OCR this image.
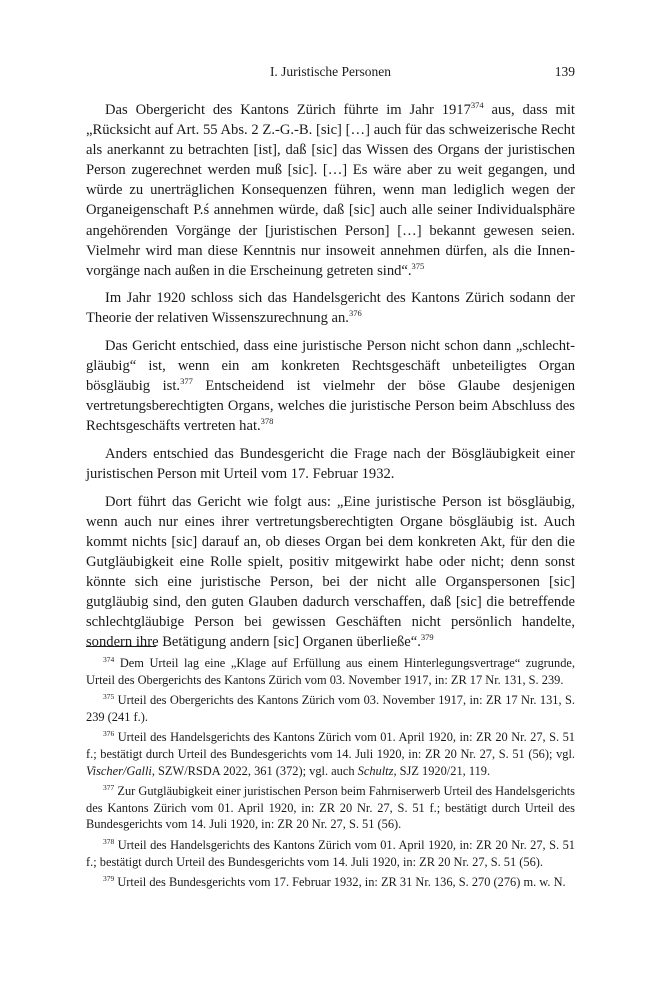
I. Juristische Personen	139

Das Obergericht des Kantons Zürich führte im Jahr 1917$^{374}$ aus, dass mit „Rücksicht auf Art. 55 Abs. 2 Z.-G.-B. [sic] […] auch für das schweizerische Recht als anerkannt zu betrachten [ist], daß [sic] das Wissen des Organs der juristischen Person zugerechnet werden muß [sic]. […] Es wäre aber zu weit gegangen, und würde zu unerträglichen Konsequenzen führen, wenn man lediglich wegen der Organeigenschaft P.ś annehmen würde, daß [sic] auch alle seiner Individualsphäre angehörenden Vorgänge der [juristischen Person] […] bekannt gewesen seien. Vielmehr wird man diese Kenntnis nur insoweit annehmen dürfen, als die Innenvorgänge nach außen in die Erscheinung getreten sind“.$^{375}$

Im Jahr 1920 schloss sich das Handelsgericht des Kantons Zürich sodann der Theorie der relativen Wissenszurechnung an.$^{376}$

Das Gericht entschied, dass eine juristische Person nicht schon dann „schlechtgläubig“ ist, wenn ein am konkreten Rechtsgeschäft unbeteiligtes Organ bösgläubig ist.$^{377}$ Entscheidend ist vielmehr der böse Glaube desjenigen vertretungsberechtigten Organs, welches die juristische Person beim Abschluss des Rechtsgeschäfts vertreten hat.$^{378}$

Anders entschied das Bundesgericht die Frage nach der Bösgläubigkeit einer juristischen Person mit Urteil vom 17. Februar 1932.

Dort führt das Gericht wie folgt aus: „Eine juristische Person ist bösgläubig, wenn auch nur eines ihrer vertretungsberechtigten Organe bösgläubig ist. Auch kommt nichts [sic] darauf an, ob dieses Organ bei dem konkreten Akt, für den die Gutgläubigkeit eine Rolle spielt, positiv mitgewirkt habe oder nicht; denn sonst könnte sich eine juristische Person, bei der nicht alle Organspersonen [sic] gutgläubig sind, den guten Glauben dadurch verschaffen, daß [sic] die betreffende schlechtgläubige Person bei gewissen Geschäften nicht persönlich handelte, sondern ihre Betätigung andern [sic] Organen überließe“.$^{379}$

$^{374}$ Dem Urteil lag eine „Klage auf Erfüllung aus einem Hinterlegungsvertrage“ zugrunde, Urteil des Obergerichts des Kantons Zürich vom 03. November 1917, in: ZR 17 Nr. 131, S. 239.

$^{375}$ Urteil des Obergerichts des Kantons Zürich vom 03. November 1917, in: ZR 17 Nr. 131, S. 239 (241 f.).

$^{376}$ Urteil des Handelsgerichts des Kantons Zürich vom 01. April 1920, in: ZR 20 Nr. 27, S. 51 f.; bestätigt durch Urteil des Bundesgerichts vom 14. Juli 1920, in: ZR 20 Nr. 27, S. 51 (56); vgl. Vischer/Galli, SZW/RSDA 2022, 361 (372); vgl. auch Schultz, SJZ 1920/21, 119.

$^{377}$ Zur Gutgläubigkeit einer juristischen Person beim Fahrniserwerb Urteil des Handelsgerichts des Kantons Zürich vom 01. April 1920, in: ZR 20 Nr. 27, S. 51 f.; bestätigt durch Urteil des Bundesgerichts vom 14. Juli 1920, in: ZR 20 Nr. 27, S. 51 (56).

$^{378}$ Urteil des Handelsgerichts des Kantons Zürich vom 01. April 1920, in: ZR 20 Nr. 27, S. 51 f.; bestätigt durch Urteil des Bundesgerichts vom 14. Juli 1920, in: ZR 20 Nr. 27, S. 51 (56).

$^{379}$ Urteil des Bundesgerichts vom 17. Februar 1932, in: ZR 31 Nr. 136, S. 270 (276) m. w. N.
